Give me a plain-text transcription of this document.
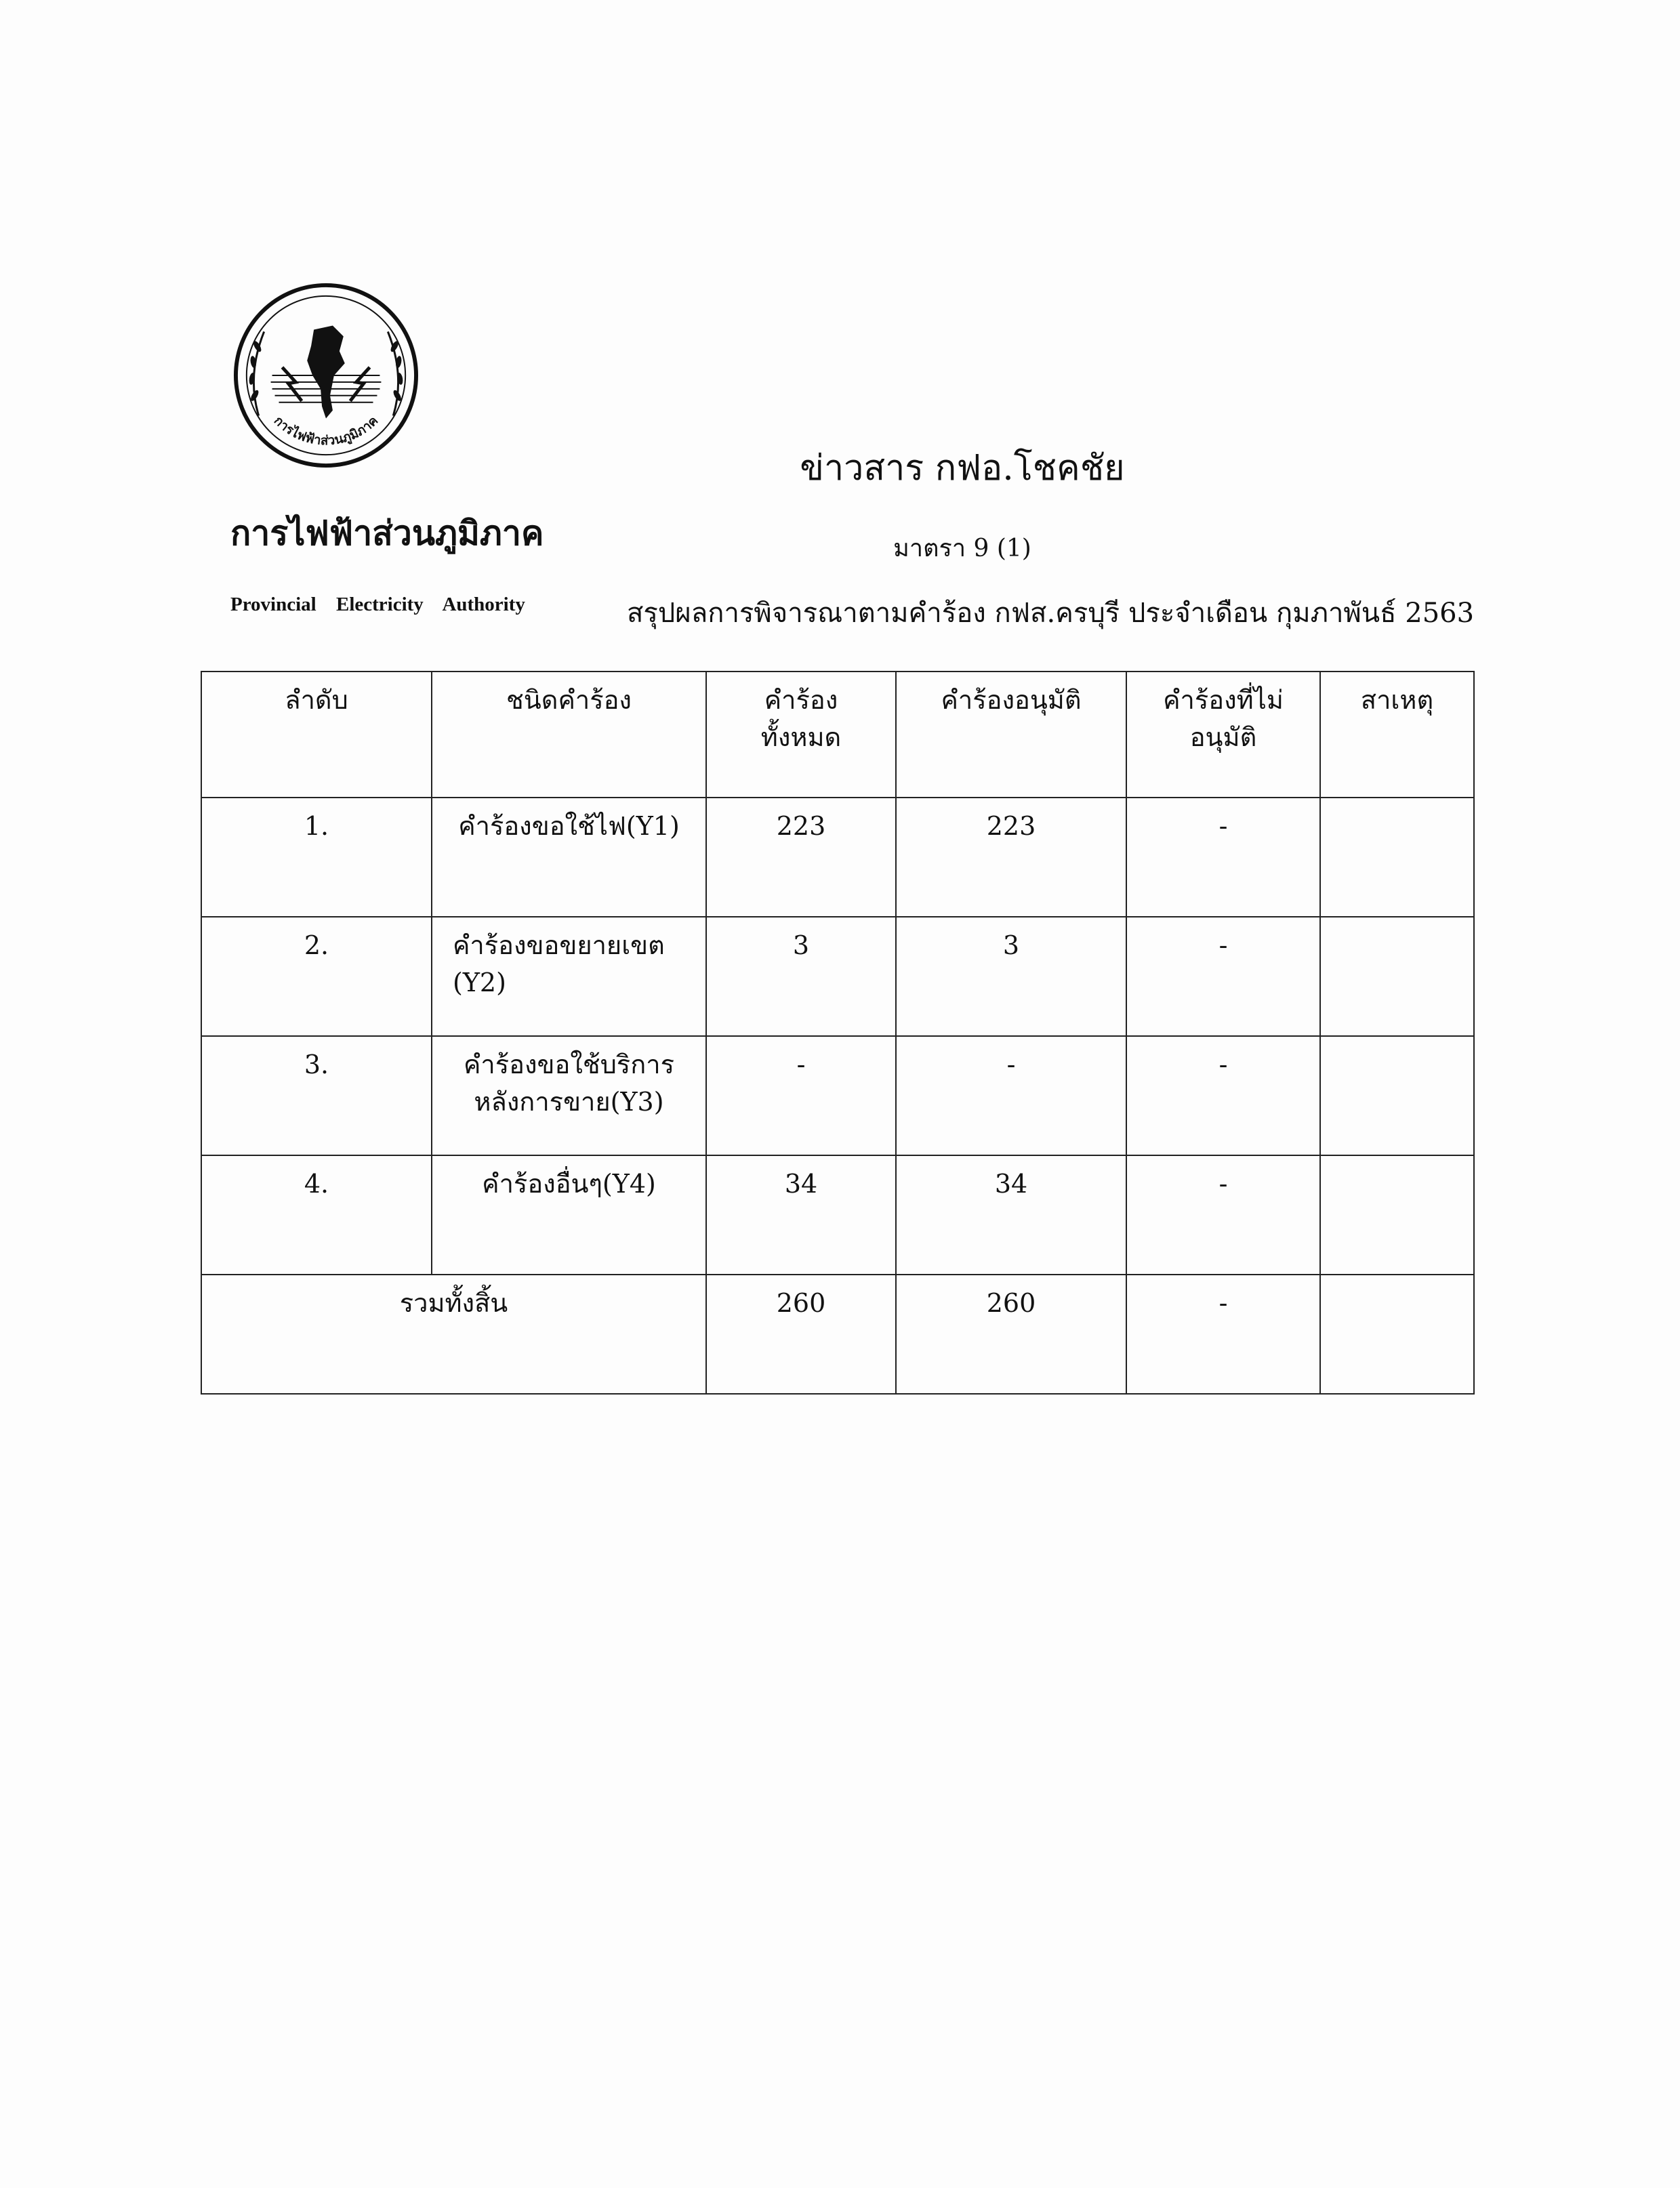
การไฟฟ้าส่วนภูมิภาค
การไฟฟ้าส่วนภูมิภาค
Provincial Electricity Authority
ข่าวสาร กฟอ.โชคชัย
มาตรา 9 (1)
สรุปผลการพิจารณาตามคำร้อง กฟส.ครบุรี ประจำเดือน กุมภาพันธ์ 2563
ลำดับ	ชนิดคำร้อง	คำร้อง ทั้งหมด	คำร้องอนุมัติ	คำร้องที่ไม่ อนุมัติ	สาเหตุ
1.	คำร้องขอใช้ไฟ(Y1)	223	223	-	
2.	คำร้องขอขยายเขต (Y2)	3	3	-	
3.	คำร้องขอใช้บริการ หลังการขาย(Y3)	-	-	-	
4.	คำร้องอื่นๆ(Y4)	34	34	-	
รวมทั้งสิ้น		260	260	-	
